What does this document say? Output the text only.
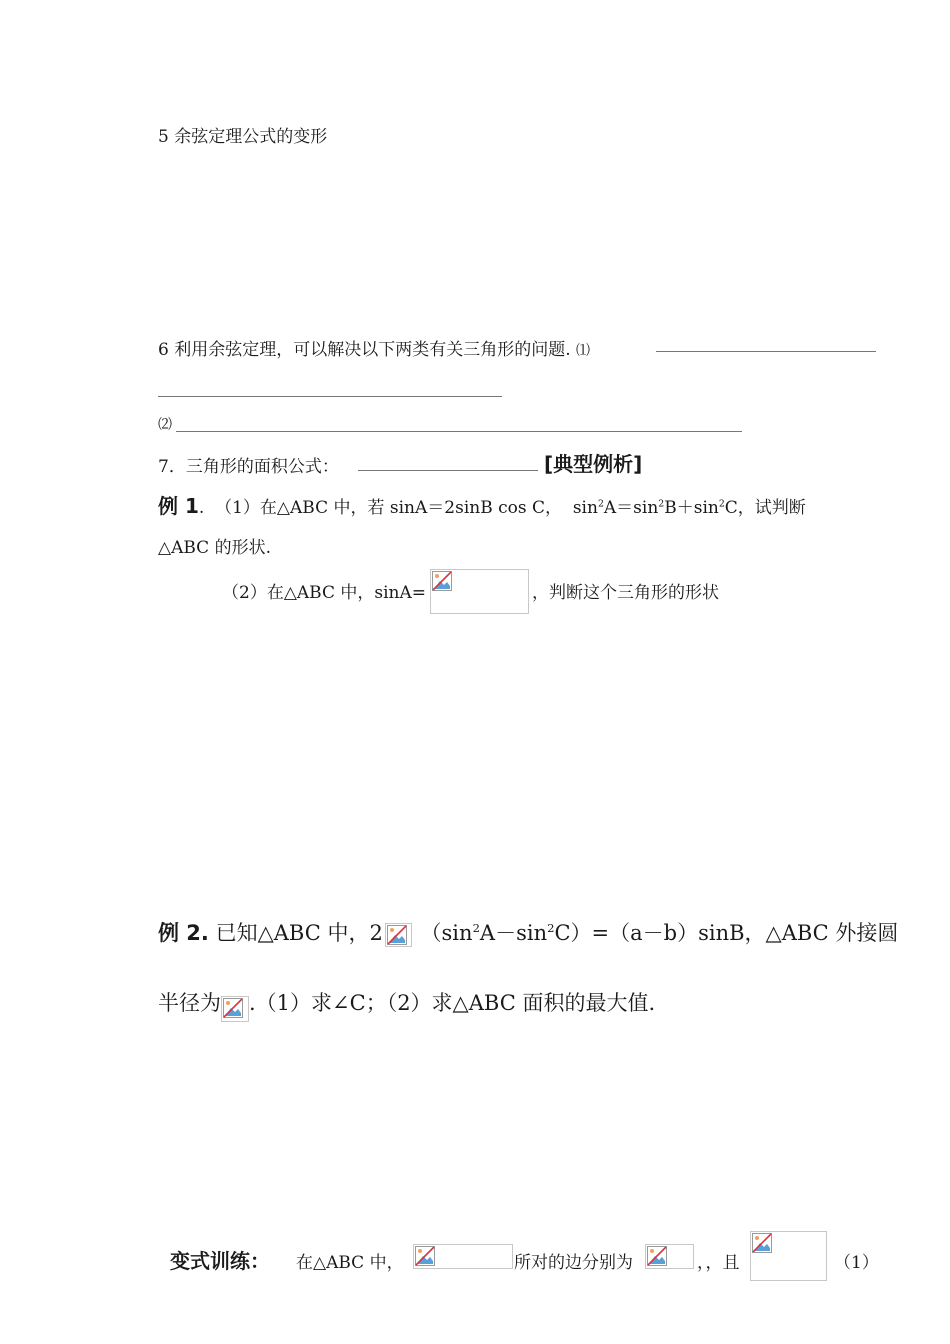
5 余弦定理公式的变形
6 利用余弦定理，可以解决以下两类有关三角形的问题. ⑴
⑵
7．三角形的面积公式：	[典型例析]
例 1. （1）在△ABC 中，若 sinA＝2sinB cos C， $\sin^2A=\sin^2B+\sin^2C$，试判断
△ABC 的形状.
（2）在△ABC 中，sinA=	，判断这个三角形的形状
例 2. 已知△ABC 中，2 $(\sin^2A-\sin^2C)=(a-b)\sin B$，△ABC 外接圆
半径为 .（1）求∠C；（2）求△ABC 面积的最大值.
变式训练： 在△ABC 中，	所对的边分别为	，，且	（1）
